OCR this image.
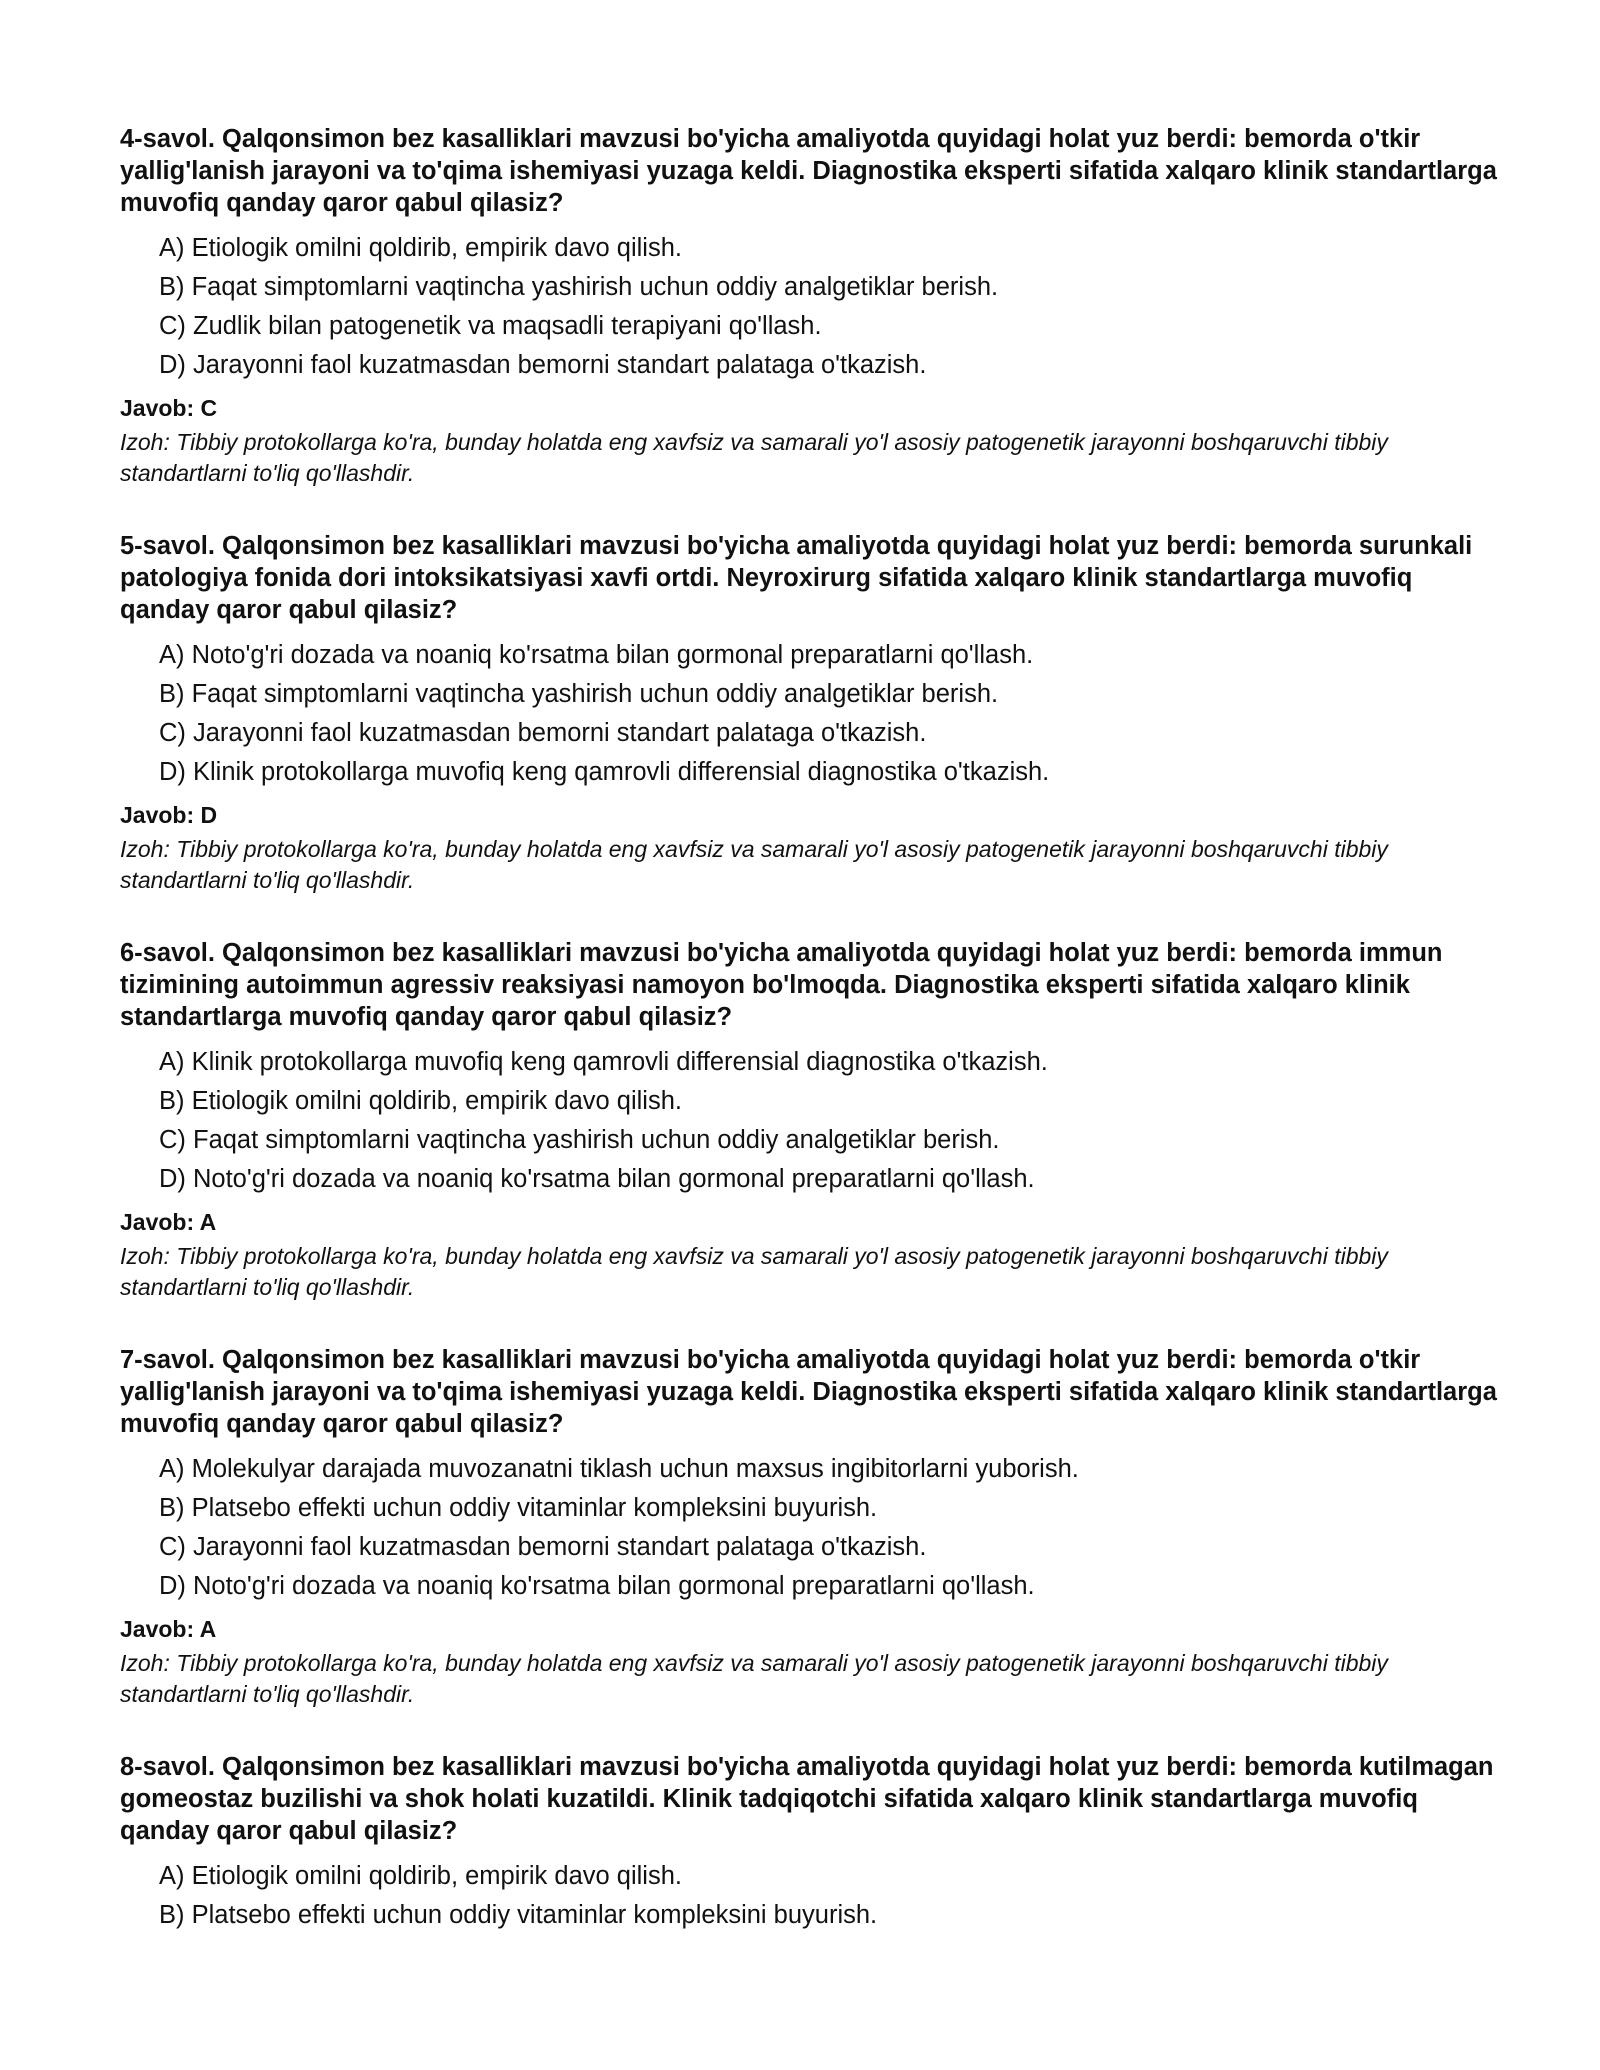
4-savol. Qalqonsimon bez kasalliklari mavzusi bo'yicha amaliyotda quyidagi holat yuz berdi: bemorda o'tkir yallig'lanish jarayoni va to'qima ishemiyasi yuzaga keldi. Diagnostika eksperti sifatida xalqaro klinik standartlarga muvofiq qanday qaror qabul qilasiz?

A) Etiologik omilni qoldirib, empirik davo qilish.
B) Faqat simptomlarni vaqtincha yashirish uchun oddiy analgetiklar berish.
C) Zudlik bilan patogenetik va maqsadli terapiyani qo'llash.
D) Jarayonni faol kuzatmasdan bemorni standart palataga o'tkazish.

Javob: C

Izoh: Tibbiy protokollarga ko'ra, bunday holatda eng xavfsiz va samarali yo'l asosiy patogenetik jarayonni boshqaruvchi tibbiy standartlarni to'liq qo'llashdir.

5-savol. Qalqonsimon bez kasalliklari mavzusi bo'yicha amaliyotda quyidagi holat yuz berdi: bemorda surunkali patologiya fonida dori intoksikatsiyasi xavfi ortdi. Neyroxirurg sifatida xalqaro klinik standartlarga muvofiq qanday qaror qabul qilasiz?

A) Noto'g'ri dozada va noaniq ko'rsatma bilan gormonal preparatlarni qo'llash.
B) Faqat simptomlarni vaqtincha yashirish uchun oddiy analgetiklar berish.
C) Jarayonni faol kuzatmasdan bemorni standart palataga o'tkazish.
D) Klinik protokollarga muvofiq keng qamrovli differensial diagnostika o'tkazish.

Javob: D

Izoh: Tibbiy protokollarga ko'ra, bunday holatda eng xavfsiz va samarali yo'l asosiy patogenetik jarayonni boshqaruvchi tibbiy standartlarni to'liq qo'llashdir.

6-savol. Qalqonsimon bez kasalliklari mavzusi bo'yicha amaliyotda quyidagi holat yuz berdi: bemorda immun tizimining autoimmun agressiv reaksiyasi namoyon bo'lmoqda. Diagnostika eksperti sifatida xalqaro klinik standartlarga muvofiq qanday qaror qabul qilasiz?

A) Klinik protokollarga muvofiq keng qamrovli differensial diagnostika o'tkazish.
B) Etiologik omilni qoldirib, empirik davo qilish.
C) Faqat simptomlarni vaqtincha yashirish uchun oddiy analgetiklar berish.
D) Noto'g'ri dozada va noaniq ko'rsatma bilan gormonal preparatlarni qo'llash.

Javob: A

Izoh: Tibbiy protokollarga ko'ra, bunday holatda eng xavfsiz va samarali yo'l asosiy patogenetik jarayonni boshqaruvchi tibbiy standartlarni to'liq qo'llashdir.

7-savol. Qalqonsimon bez kasalliklari mavzusi bo'yicha amaliyotda quyidagi holat yuz berdi: bemorda o'tkir yallig'lanish jarayoni va to'qima ishemiyasi yuzaga keldi. Diagnostika eksperti sifatida xalqaro klinik standartlarga muvofiq qanday qaror qabul qilasiz?

A) Molekulyar darajada muvozanatni tiklash uchun maxsus ingibitorlarni yuborish.
B) Platsebo effekti uchun oddiy vitaminlar kompleksini buyurish.
C) Jarayonni faol kuzatmasdan bemorni standart palataga o'tkazish.
D) Noto'g'ri dozada va noaniq ko'rsatma bilan gormonal preparatlarni qo'llash.

Javob: A

Izoh: Tibbiy protokollarga ko'ra, bunday holatda eng xavfsiz va samarali yo'l asosiy patogenetik jarayonni boshqaruvchi tibbiy standartlarni to'liq qo'llashdir.

8-savol. Qalqonsimon bez kasalliklari mavzusi bo'yicha amaliyotda quyidagi holat yuz berdi: bemorda kutilmagan gomeostaz buzilishi va shok holati kuzatildi. Klinik tadqiqotchi sifatida xalqaro klinik standartlarga muvofiq qanday qaror qabul qilasiz?

A) Etiologik omilni qoldirib, empirik davo qilish.
B) Platsebo effekti uchun oddiy vitaminlar kompleksini buyurish.
